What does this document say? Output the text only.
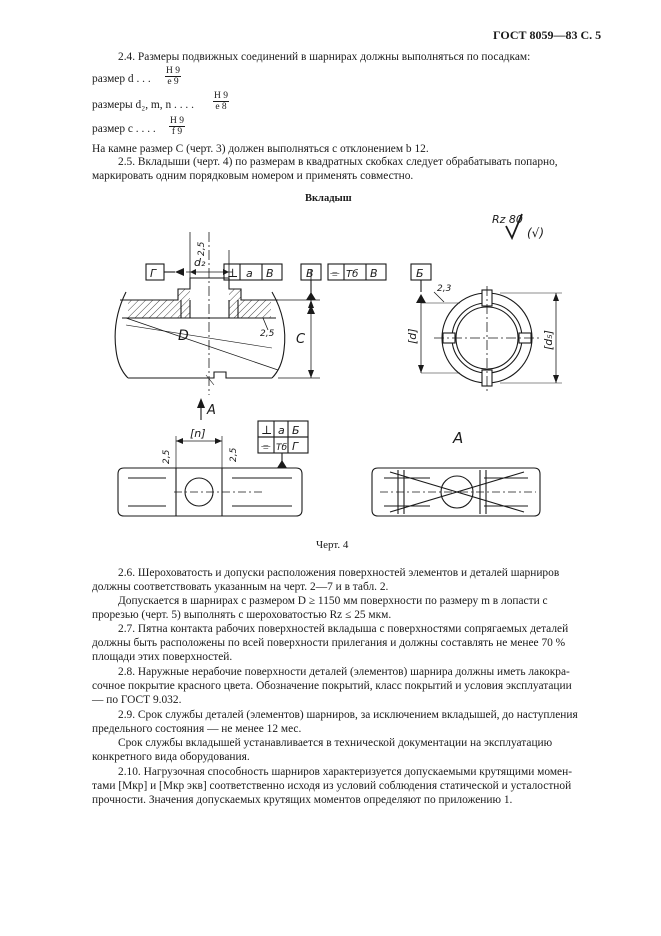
ГОСТ 8059—83 С. 5
2.4. Размеры подвижных соединений в шарнирах должны выполняться по посадкам:
размер d . . . $\frac{H 9}{e 9}$
размеры d₂, m, n . . . . $\frac{H 9}{e 8}$
размер c . . . . $\frac{H 9}{f 9}$
На камне размер C (черт. 3) должен выполняться с отклонением b 12.
2.5. Вкладыши (черт. 4) по размерам в квадратных скобках следует обрабатывать попарно,
маркировать одним порядковым номером и применять совместно.
Вкладыш
Rz 80
(√)
D	C
d₂
2,5
Г
2,5
A
⊥ a В	В ⌯ Tб В	Б
2,3
[d]	[d₅]
⊥ a Б
⌯ Tб Г
[n]
2,5	2,5
A
Черт. 4
2.6. Шероховатость и допуски расположения поверхностей элементов и деталей шарниров
должны соответствовать указанным на черт. 2—7 и в табл. 2.
Допускается в шарнирах с размером D ≥ 1150 мм поверхности по размеру m в лопасти с
прорезью (черт. 5) выполнять с шероховатостью Rz ≤ 25 мкм.
2.7. Пятна контакта рабочих поверхностей вкладыша с поверхностями сопрягаемых деталей
должны быть расположены по всей поверхности прилегания и должны составлять не менее 70 %
площади этих поверхностей.
2.8. Наружные нерабочие поверхности деталей (элементов) шарнира должны иметь лакокра-
сочное покрытие красного цвета. Обозначение покрытий, класс покрытий и условия эксплуатации
— по ГОСТ 9.032.
2.9. Срок службы деталей (элементов) шарниров, за исключением вкладышей, до наступления
предельного состояния — не менее 12 мес.
Срок службы вкладышей устанавливается в технической документации на эксплуатацию
конкретного вида оборудования.
2.10. Нагрузочная способность шарниров характеризуется допускаемыми крутящими момен-
тами [Mкр] и [Mкр экв] соответственно исходя из условий соблюдения статической и усталостной
прочности. Значения допускаемых крутящих моментов определяют по приложению 1.
